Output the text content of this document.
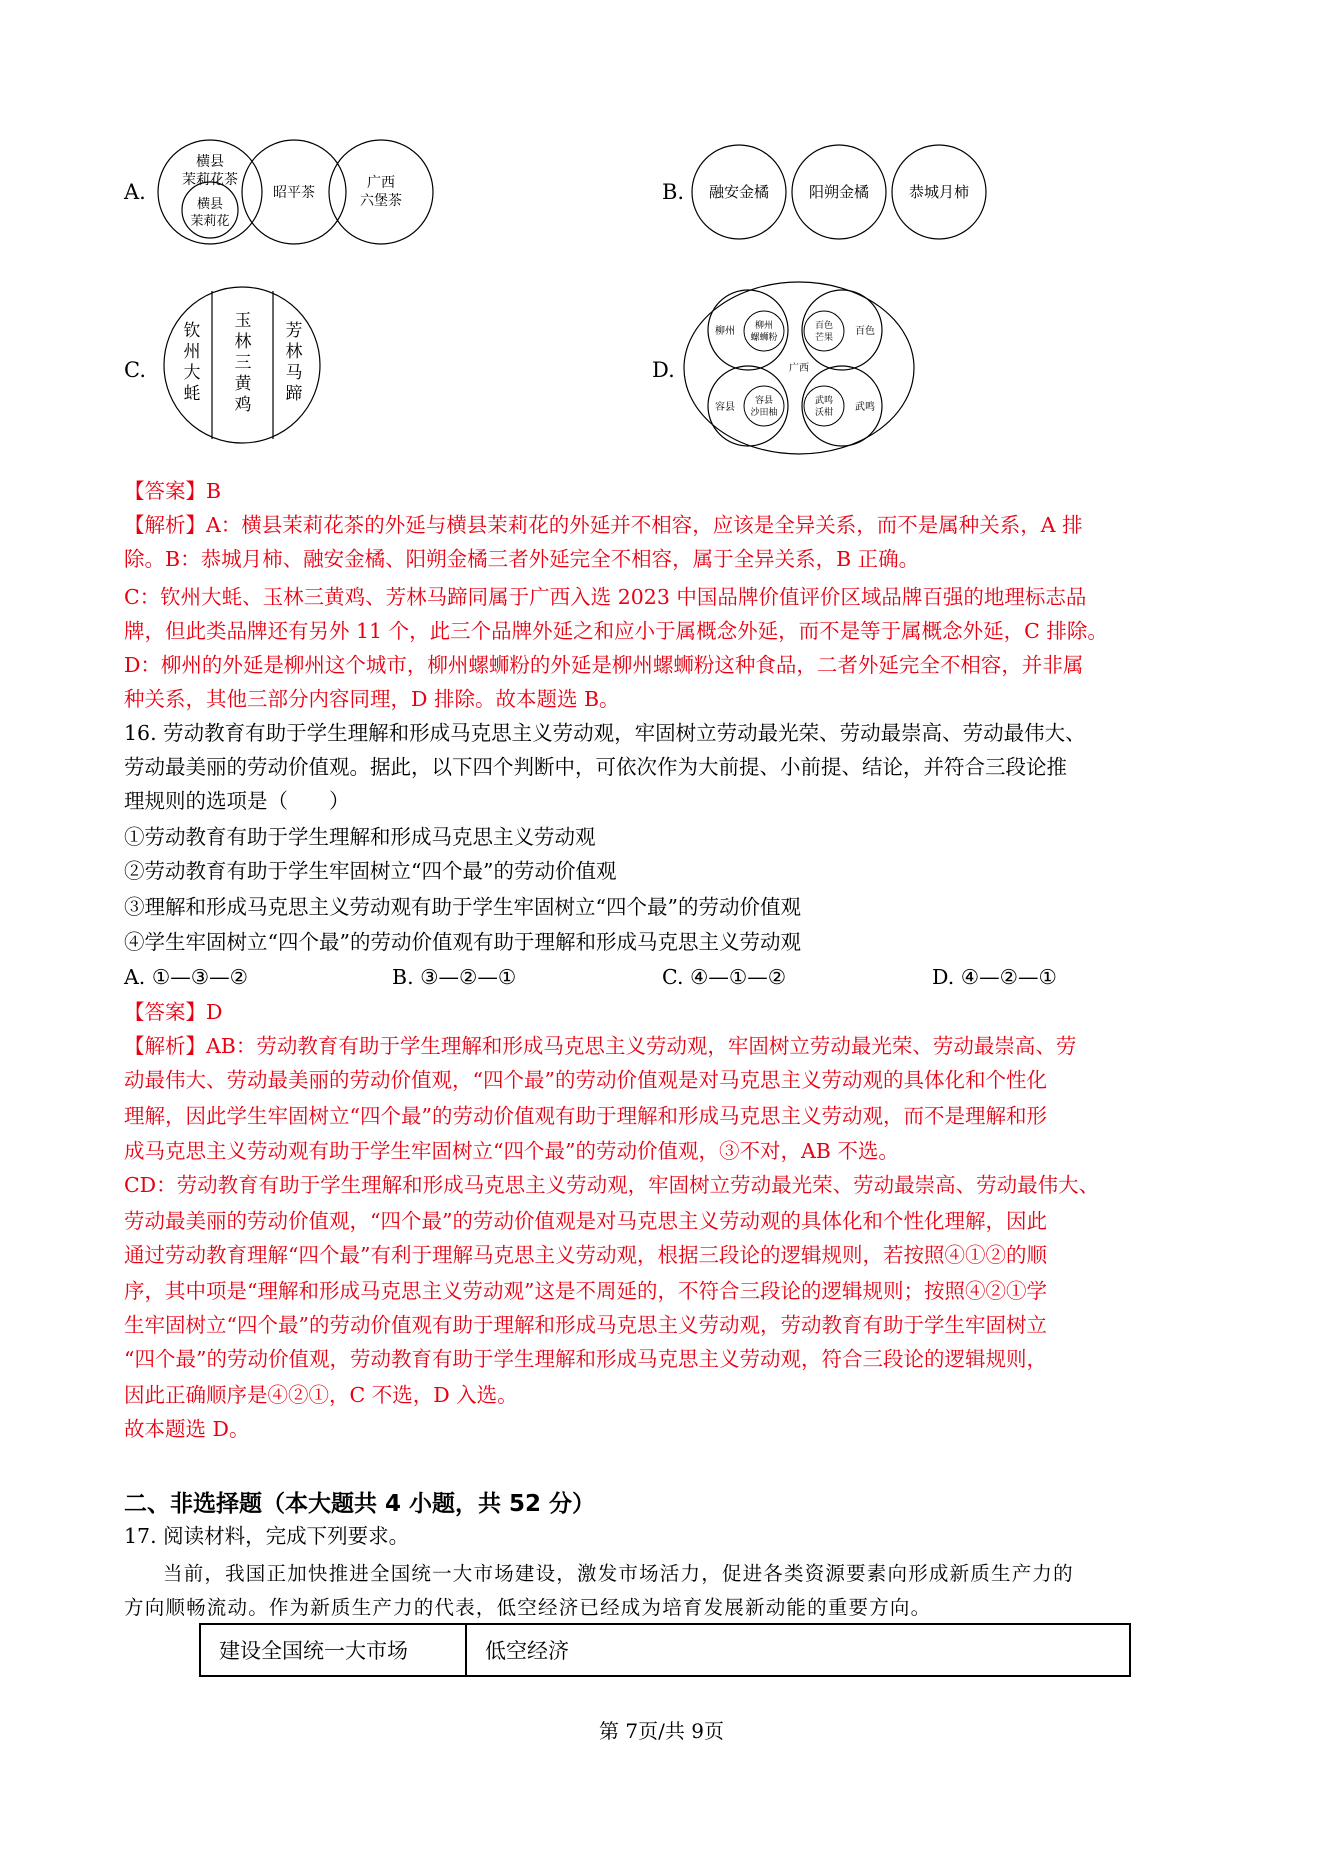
A.
横县
茉莉花茶
横县
茉莉花
昭平茶
广西
六堡茶	B. 融安金橘	阳朔金橘	恭城月柿
C.
钦
州
大
蚝
玉
林
三
黄
鸡
芳
林
马
蹄
D.	广西
柳州 柳州
螺蛳粉
百色
芒果
百色
容县
容县
沙田柚
武鸣
沃柑 武鸣
【答案】B
【解析】A：横县茉莉花茶的外延与横县茉莉花的外延并不相容，应该是全异关系，而不是属种关系，A 排
除。B：恭城月柿、融安金橘、阳朔金橘三者外延完全不相容，属于全异关系，B 正确。
C：钦州大蚝、玉林三黄鸡、芳林马蹄同属于广西入选 2023 中国品牌价值评价区域品牌百强的地理标志品
牌，但此类品牌还有另外 11 个，此三个品牌外延之和应小于属概念外延，而不是等于属概念外延，C 排除。
D：柳州的外延是柳州这个城市，柳州螺蛳粉的外延是柳州螺蛳粉这种食品，二者外延完全不相容，并非属
种关系，其他三部分内容同理，D 排除。故本题选 B。
16. 劳动教育有助于学生理解和形成马克思主义劳动观，牢固树立劳动最光荣、劳动最崇高、劳动最伟大、
劳动最美丽的劳动价值观。据此，以下四个判断中，可依次作为大前提、小前提、结论，并符合三段论推
理规则的选项是（　　）
①劳动教育有助于学生理解和形成马克思主义劳动观
②劳动教育有助于学生牢固树立“四个最”的劳动价值观
③理解和形成马克思主义劳动观有助于学生牢固树立“四个最”的劳动价值观
④学生牢固树立“四个最”的劳动价值观有助于理解和形成马克思主义劳动观
A. ①—③—②	B. ③—②—①	C. ④—①—②	D. ④—②—①
【答案】D
【解析】AB：劳动教育有助于学生理解和形成马克思主义劳动观，牢固树立劳动最光荣、劳动最崇高、劳
动最伟大、劳动最美丽的劳动价值观，“四个最”的劳动价值观是对马克思主义劳动观的具体化和个性化
理解，因此学生牢固树立“四个最”的劳动价值观有助于理解和形成马克思主义劳动观，而不是理解和形
成马克思主义劳动观有助于学生牢固树立“四个最”的劳动价值观，③不对，AB 不选。
CD：劳动教育有助于学生理解和形成马克思主义劳动观，牢固树立劳动最光荣、劳动最崇高、劳动最伟大、
劳动最美丽的劳动价值观，“四个最”的劳动价值观是对马克思主义劳动观的具体化和个性化理解，因此
通过劳动教育理解“四个最”有利于理解马克思主义劳动观，根据三段论的逻辑规则，若按照④①②的顺
序，其中项是“理解和形成马克思主义劳动观”这是不周延的，不符合三段论的逻辑规则；按照④②①学
生牢固树立“四个最”的劳动价值观有助于理解和形成马克思主义劳动观，劳动教育有助于学生牢固树立
“四个最”的劳动价值观，劳动教育有助于学生理解和形成马克思主义劳动观，符合三段论的逻辑规则，
因此正确顺序是④②①，C 不选，D 入选。
故本题选 D。
二、非选择题（本大题共 4 小题，共 52 分）
17. 阅读材料，完成下列要求。
当前，我国正加快推进全国统一大市场建设，激发市场活力，促进各类资源要素向形成新质生产力的
方向顺畅流动。作为新质生产力的代表，低空经济已经成为培育发展新动能的重要方向。
建设全国统一大市场	低空经济
第 7页/共 9页
